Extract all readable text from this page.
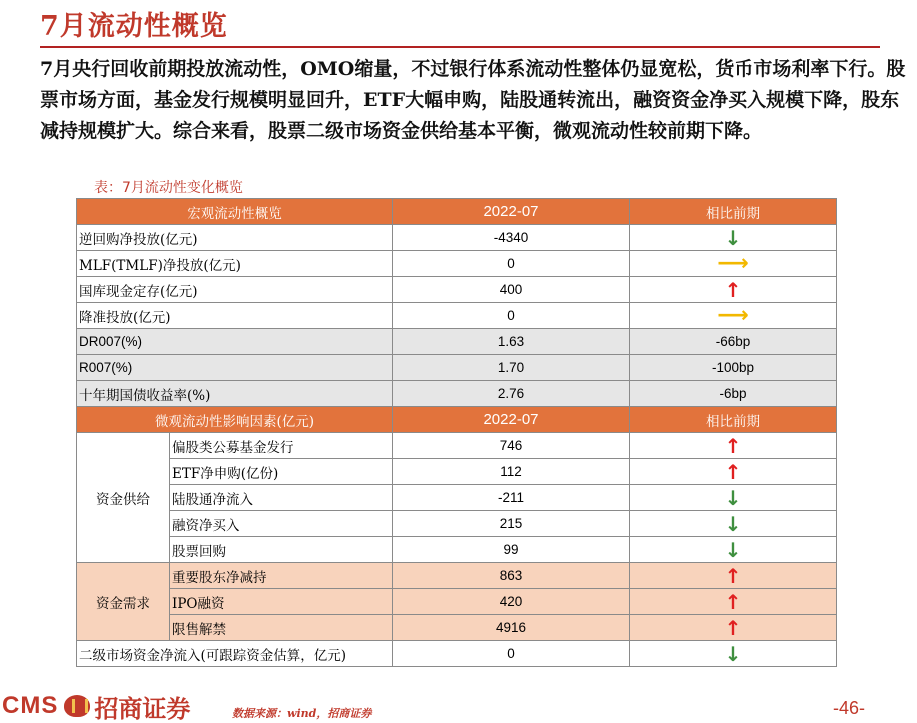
7月流动性概览
7月央行回收前期投放流动性，OMO缩量，不过银行体系流动性整体仍显宽松，货币市场利率下行。股票市场方面，基金发行规模明显回升，ETF大幅申购，陆股通转流出，融资资金净买入规模下降，股东减持规模扩大。综合来看，股票二级市场资金供给基本平衡，微观流动性较前期下降。
表：7月流动性变化概览
宏观流动性概览		2022-07	相比前期
逆回购净投放(亿元)		-4340	↓
MLF(TMLF)净投放(亿元)		0	⟶
国库现金定存(亿元)		400	↑
降准投放(亿元)		0	⟶
DR007(%)		1.63	-66bp
R007(%)		1.70	-100bp
十年期国债收益率(%)		2.76	-6bp
微观流动性影响因素(亿元)		2022-07	相比前期
资金供给	偏股类公募基金发行	746	↑
	ETF净申购(亿份)	112	↑
	陆股通净流入	-211	↓
	融资净买入	215	↓
	股票回购	99	↓
资金需求	重要股东净减持	863	↑
	IPO融资	420	↑
	限售解禁	4916	↑
二级市场资金净流入(可跟踪资金估算，亿元)		0	↓
CMS 招商证券	数据来源：wind，招商证券	-46-
